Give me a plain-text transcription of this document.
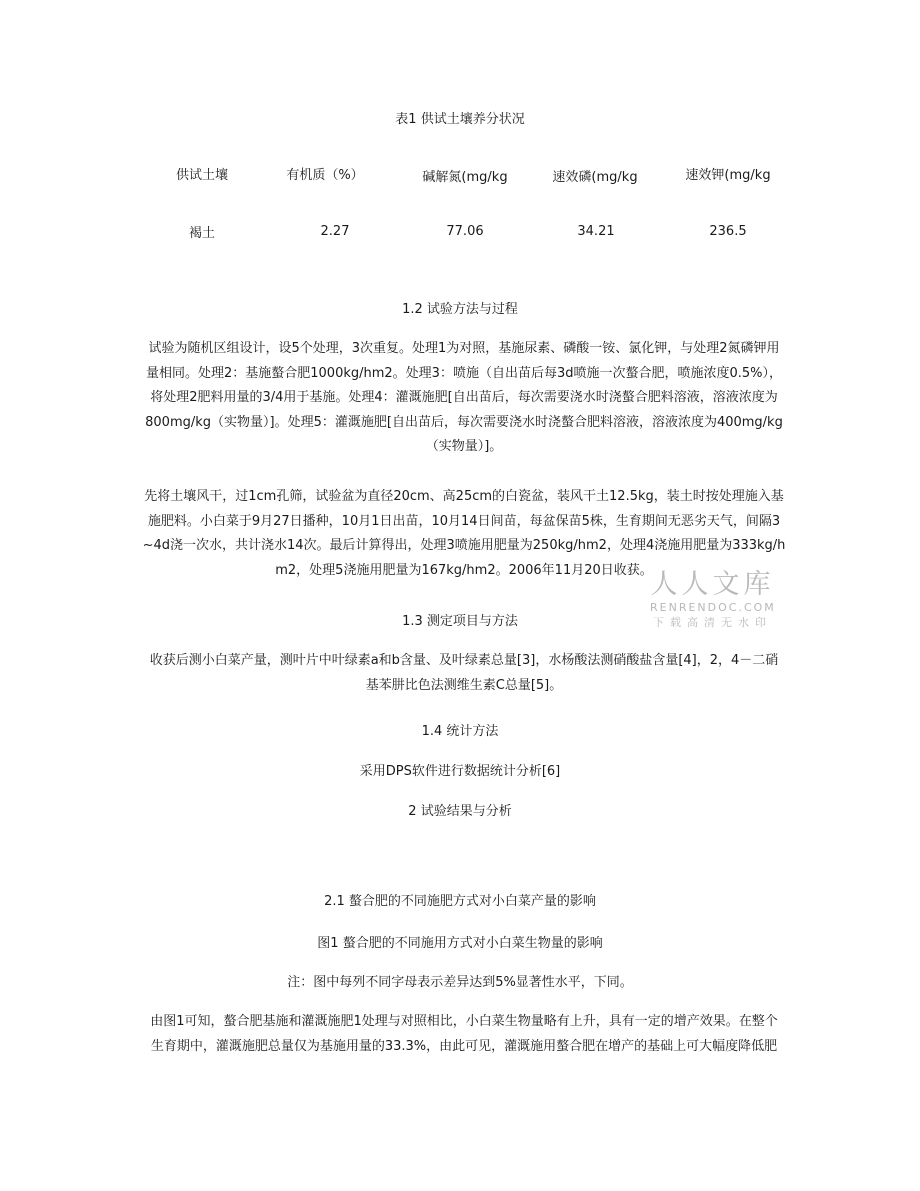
表1 供试土壤养分状况
供试土壤	有机质（%）	碱解氮(mg/kg	速效磷(mg/kg	速效钾(mg/kg
褐土	2.27	77.06	34.21	236.5
1.2 试验方法与过程
试验为随机区组设计，设5个处理，3次重复。处理1为对照，基施尿素、磷酸一铵、氯化钾，与处理2氮磷钾用
量相同。处理2：基施螯合肥1000kg/hm2。处理3：喷施（自出苗后每3d喷施一次螯合肥，喷施浓度0.5%），
将处理2肥料用量的3/4用于基施。处理4：灌溉施肥[自出苗后，每次需要浇水时浇螯合肥料溶液，溶液浓度为
800mg/kg（实物量）]。处理5：灌溉施肥[自出苗后，每次需要浇水时浇螯合肥料溶液，溶液浓度为400mg/kg
（实物量）]。
先将土壤风干，过1cm孔筛，试验盆为直径20cm、高25cm的白瓷盆，装风干土12.5kg，装土时按处理施入基
施肥料。小白菜于9月27日播种，10月1日出苗，10月14日间苗，每盆保苗5株，生育期间无恶劣天气，间隔3
~4d浇一次水，共计浇水14次。最后计算得出，处理3喷施用肥量为250kg/hm2，处理4浇施用肥量为333kg/h
m2，处理5浇施用肥量为167kg/hm2。2006年11月20日收获。
人人文库
RENRENDOC.COM
下载高清无水印
1.3 测定项目与方法
收获后测小白菜产量，测叶片中叶绿素a和b含量、及叶绿素总量[3]，水杨酸法测硝酸盐含量[4]，2，4－二硝
基苯肼比色法测维生素C总量[5]。
1.4 统计方法
采用DPS软件进行数据统计分析[6]
2 试验结果与分析
2.1 螯合肥的不同施肥方式对小白菜产量的影响
图1 螯合肥的不同施用方式对小白菜生物量的影响
注：图中每列不同字母表示差异达到5%显著性水平，下同。
由图1可知，螯合肥基施和灌溉施肥1处理与对照相比，小白菜生物量略有上升，具有一定的增产效果。在整个
生育期中，灌溉施肥总量仅为基施用量的33.3%，由此可见，灌溉施用螯合肥在增产的基础上可大幅度降低肥
